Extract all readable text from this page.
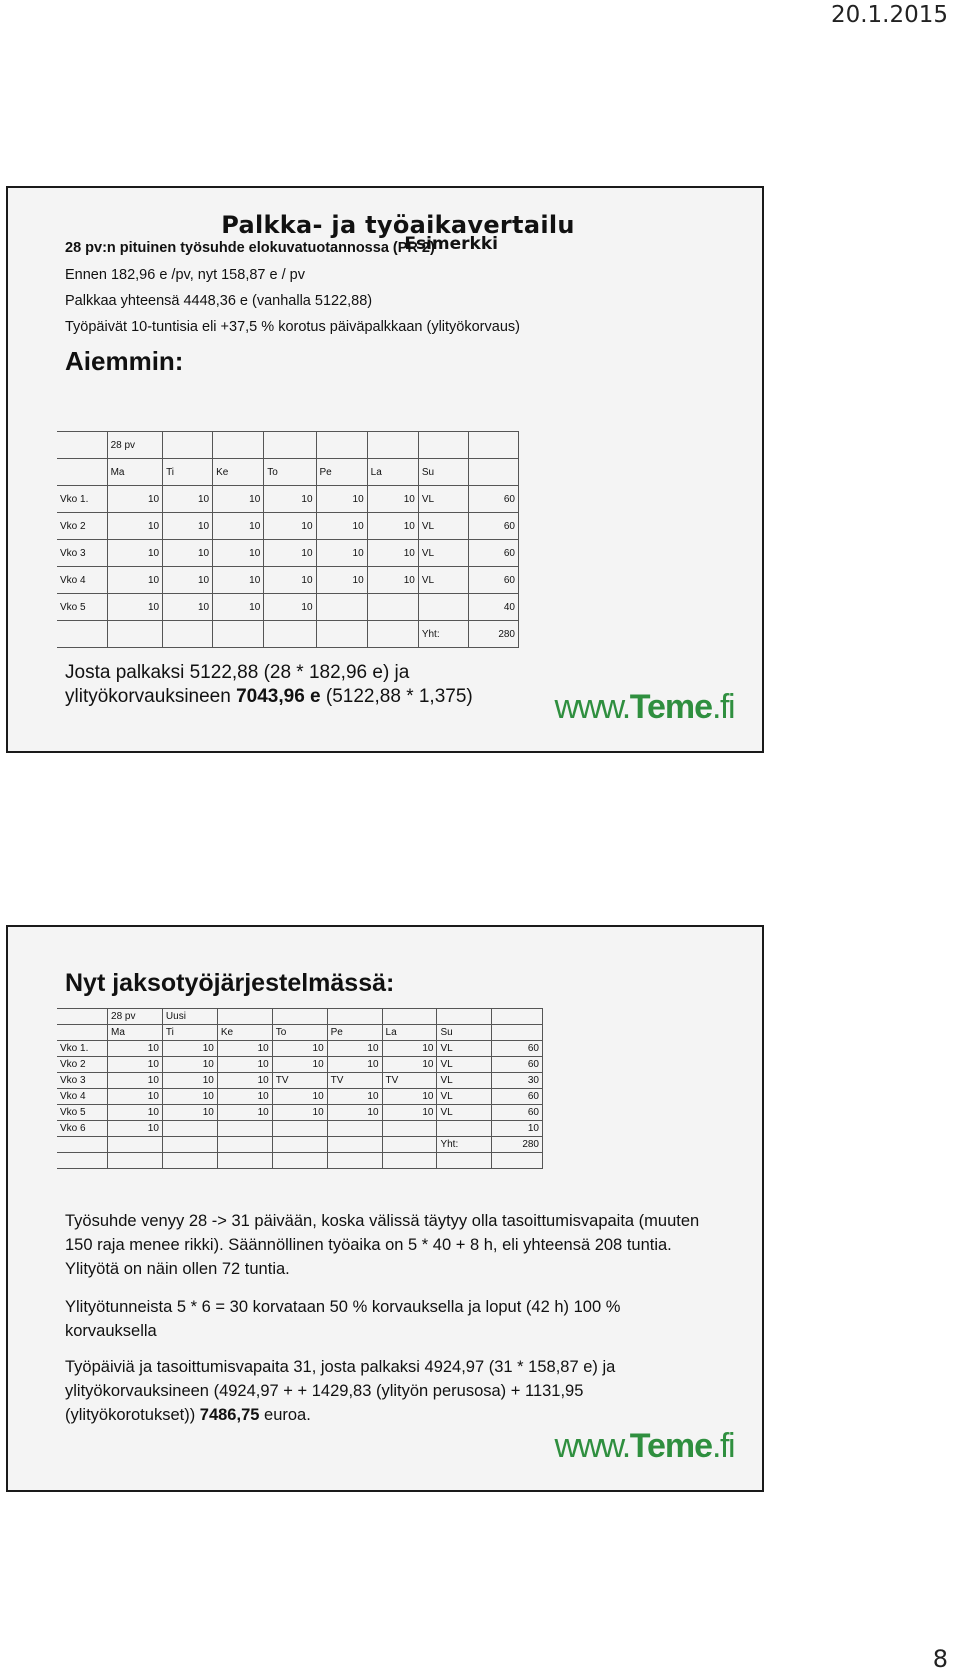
20.1.2015
Palkka- ja työaikavertailu
Esimerkki
28 pv:n pituinen työsuhde elokuvatuotannossa (PR 2)
Ennen 182,96 e /pv, nyt 158,87 e / pv
Palkkaa yhteensä 4448,36 e (vanhalla 5122,88)
Työpäivät 10-tuntisia eli +37,5 % korotus päiväpalkkaan (ylityökorvaus)
Aiemmin:
	28 pv							
	Ma	Ti	Ke	To	Pe	La	Su	
Vko 1.	10	10	10	10	10	10	VL	60
Vko 2	10	10	10	10	10	10	VL	60
Vko 3	10	10	10	10	10	10	VL	60
Vko 4	10	10	10	10	10	10	VL	60
Vko 5	10	10	10	10				40
							Yht:	280
Josta palkaksi 5122,88 (28 * 182,96 e) ja
ylityökorvauksineen 7043,96 e (5122,88 * 1,375) www.Teme.fi
Nyt jaksotyöjärjestelmässä:
	28 pv	Uusi						
	Ma	Ti	Ke	To	Pe	La	Su	
Vko 1.	10	10	10	10	10	10	VL	60
Vko 2	10	10	10	10	10	10	VL	60
Vko 3	10	10	10	TV	TV	TV	VL	30
Vko 4	10	10	10	10	10	10	VL	60
Vko 5	10	10	10	10	10	10	VL	60
Vko 6	10							10
							Yht:	280

Työsuhde venyy 28 -> 31 päivään, koska välissä täytyy olla tasoittumisvapaita (muuten 150 raja menee rikki). Säännöllinen työaika on 5 * 40 + 8 h, eli yhteensä 208 tuntia. Ylityötä on näin ollen 72 tuntia.
Ylityötunneista 5 * 6 = 30 korvataan 50 % korvauksella ja loput (42 h) 100 % korvauksella
Työpäiviä ja tasoittumisvapaita 31, josta palkaksi 4924,97 (31 * 158,87 e) ja ylityökorvauksineen (4924,97 + + 1429,83 (ylityön perusosa) + 1131,95 (ylityökorotukset)) 7486,75 euroa.
www.Teme.fi
8
